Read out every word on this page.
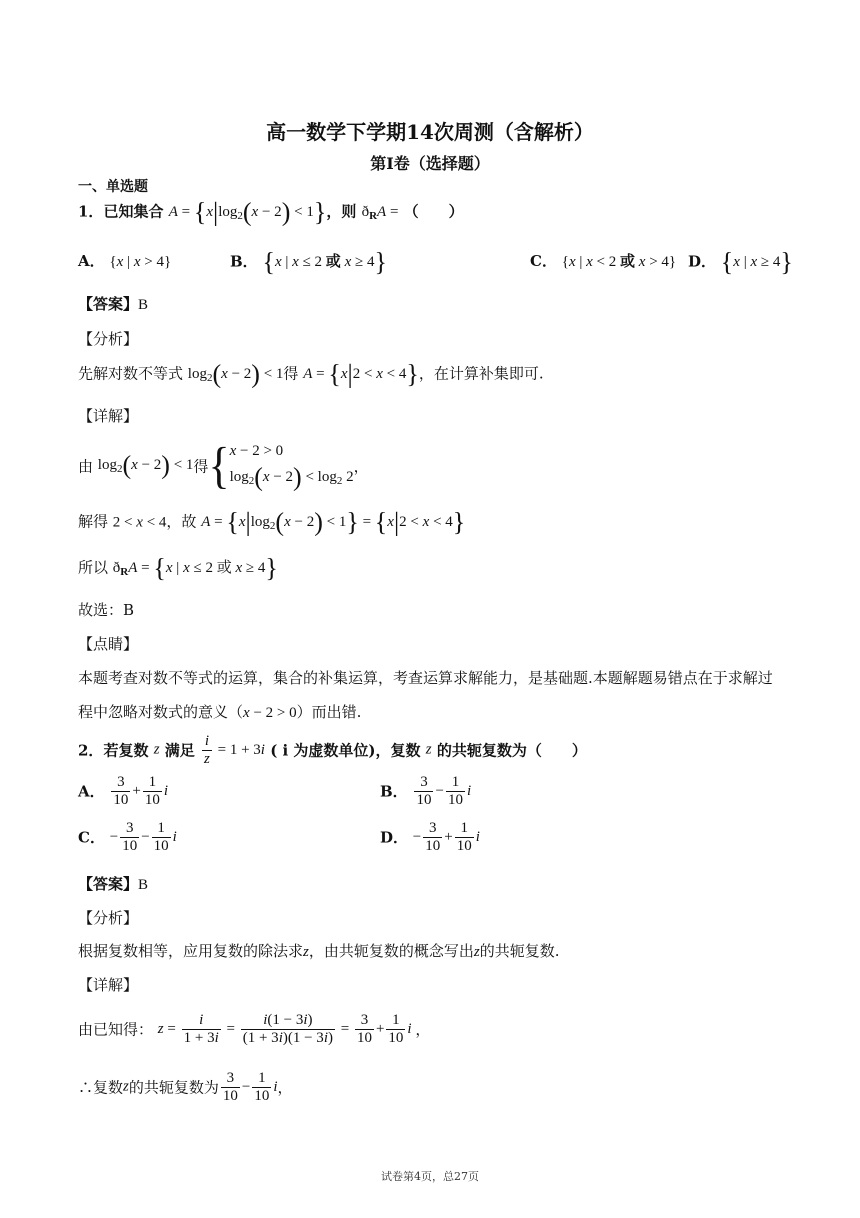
高一数学下学期14次周测（含解析）
第Ⅰ卷（选择题）
一、单选题
1．已知集合 $A = \{x|\log_2(x - 2) < 1\}$，则 $ð_RA$ = （　　）
A． {x | x > 4}	B． {x | x ≤ 2 或 x ≥ 4}	C． {x | x < 2 或 x > 4} D． {x | x ≥ 4}
【答案】B
【分析】
先解对数不等式 $\log_2(x - 2) < 1$得 A = {x|2 < x < 4}，在计算补集即可.
【详解】
由 $\log_2(x - 2) < 1$得{ x − 2 > 0
$\log_2(x - 2) < \log_2 2$
，
解得 2 < x < 4，故 $A = \{x|\log_2(x - 2) < 1\} = \{x|2 < x < 4\}$
所以 $ð_RA = \{x$ | x ≤ 2 或 x ≥ 4}
故选：B
【点睛】
本题考查对数不等式的运算，集合的补集运算，考查运算求解能力，是基础题.本题解题易错点在于求解过
程中忽略对数式的意义（x − 2 > 0）而出错.
2．若复数 z 满足 $\frac{i}{z} = 1 + 3i$ ( i 为虚数单位)，复数 z 的共轭复数为（　　）
A． $\frac{3}{10} + \frac{1}{10}$ i	B． $\frac{3}{10} - \frac{1}{10}$ i
C． − $\frac{3}{10} - \frac{1}{10}$ i	D． − $\frac{3}{10} + \frac{1}{10}$ i
【答案】B
【分析】
根据复数相等，应用复数的除法求z，由共轭复数的概念写出z的共轭复数.
【详解】
由已知得： $z = \frac{i}{1 + 3i} = \frac{i(1 - 3i)}{(1 + 3i)(1 - 3i)} = \frac{3}{10} + \frac{1}{10}$ i ，
∴复数z的共轭复数为 $\frac{3}{10} - \frac{1}{10}$ i，
试卷第4页，总27页
